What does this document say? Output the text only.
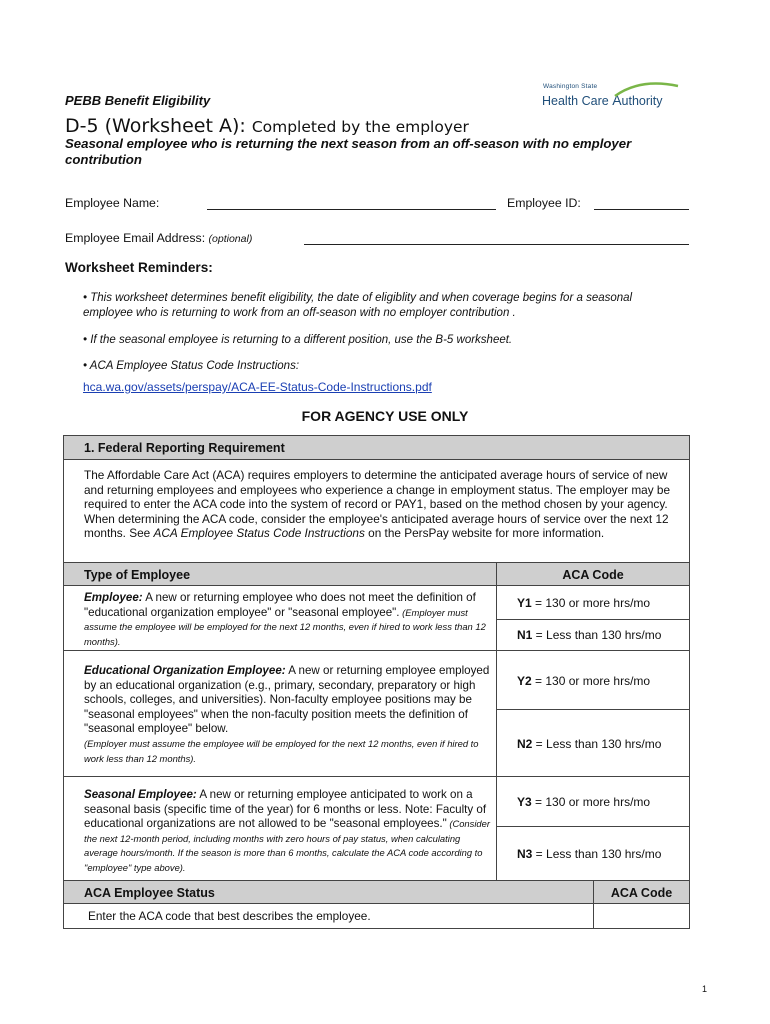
PEBB Benefit Eligibility
Washington State
Health Care Authority
D-5 (Worksheet A): Completed by the employer
Seasonal employee who is returning the next season from an off-season with no employer contribution
Employee Name:	Employee ID:
Employee Email Address: (optional)
Worksheet Reminders:
• This worksheet determines benefit eligibility, the date of eligiblity and when coverage begins for a seasonal employee who is returning to work from an off-season with no employer contribution .
• If the seasonal employee is returning to a different position, use the B-5 worksheet.
• ACA Employee Status Code Instructions:
hca.wa.gov/assets/perspay/ACA-EE-Status-Code-Instructions.pdf
FOR AGENCY USE ONLY
1. Federal Reporting Requirement
The Affordable Care Act (ACA) requires employers to determine the anticipated average hours of service of new and returning employees and employees who experience a change in employment status. The employer may be required to enter the ACA code into the system of record or PAY1, based on the method chosen by your agency. When determining the ACA code, consider the employee's anticipated average hours of service over the next 12 months. See ACA Employee Status Code Instructions on the PersPay website for more information.
Type of Employee	ACA Code
Employee: A new or returning employee who does not meet the definition of "educational organization employee" or "seasonal employee". (Employer must assume the employee will be employed for the next 12 months, even if hired to work less than 12 months).
Y1 = 130 or more hrs/mo
N1 = Less than 130 hrs/mo
Educational Organization Employee: A new or returning employee employed by an educational organization (e.g., primary, secondary, preparatory or high schools, colleges, and universities). Non-faculty employee positions may be "seasonal employees" when the non-faculty position meets the definition of "seasonal employee" below.
(Employer must assume the employee will be employed for the next 12 months, even if hired to work less than 12 months).
Y2 = 130 or more hrs/mo
N2 = Less than 130 hrs/mo
Seasonal Employee: A new or returning employee anticipated to work on a seasonal basis (specific time of the year) for 6 months or less. Note: Faculty of educational organizations are not allowed to be "seasonal employees." (Consider the next 12-month period, including months with zero hours of pay status, when calculating average hours/month. If the season is more than 6 months, calculate the ACA code according to "employee" type above).
Y3 = 130 or more hrs/mo
N3 = Less than 130 hrs/mo
ACA Employee Status	ACA Code
Enter the ACA code that best describes the employee.
1
